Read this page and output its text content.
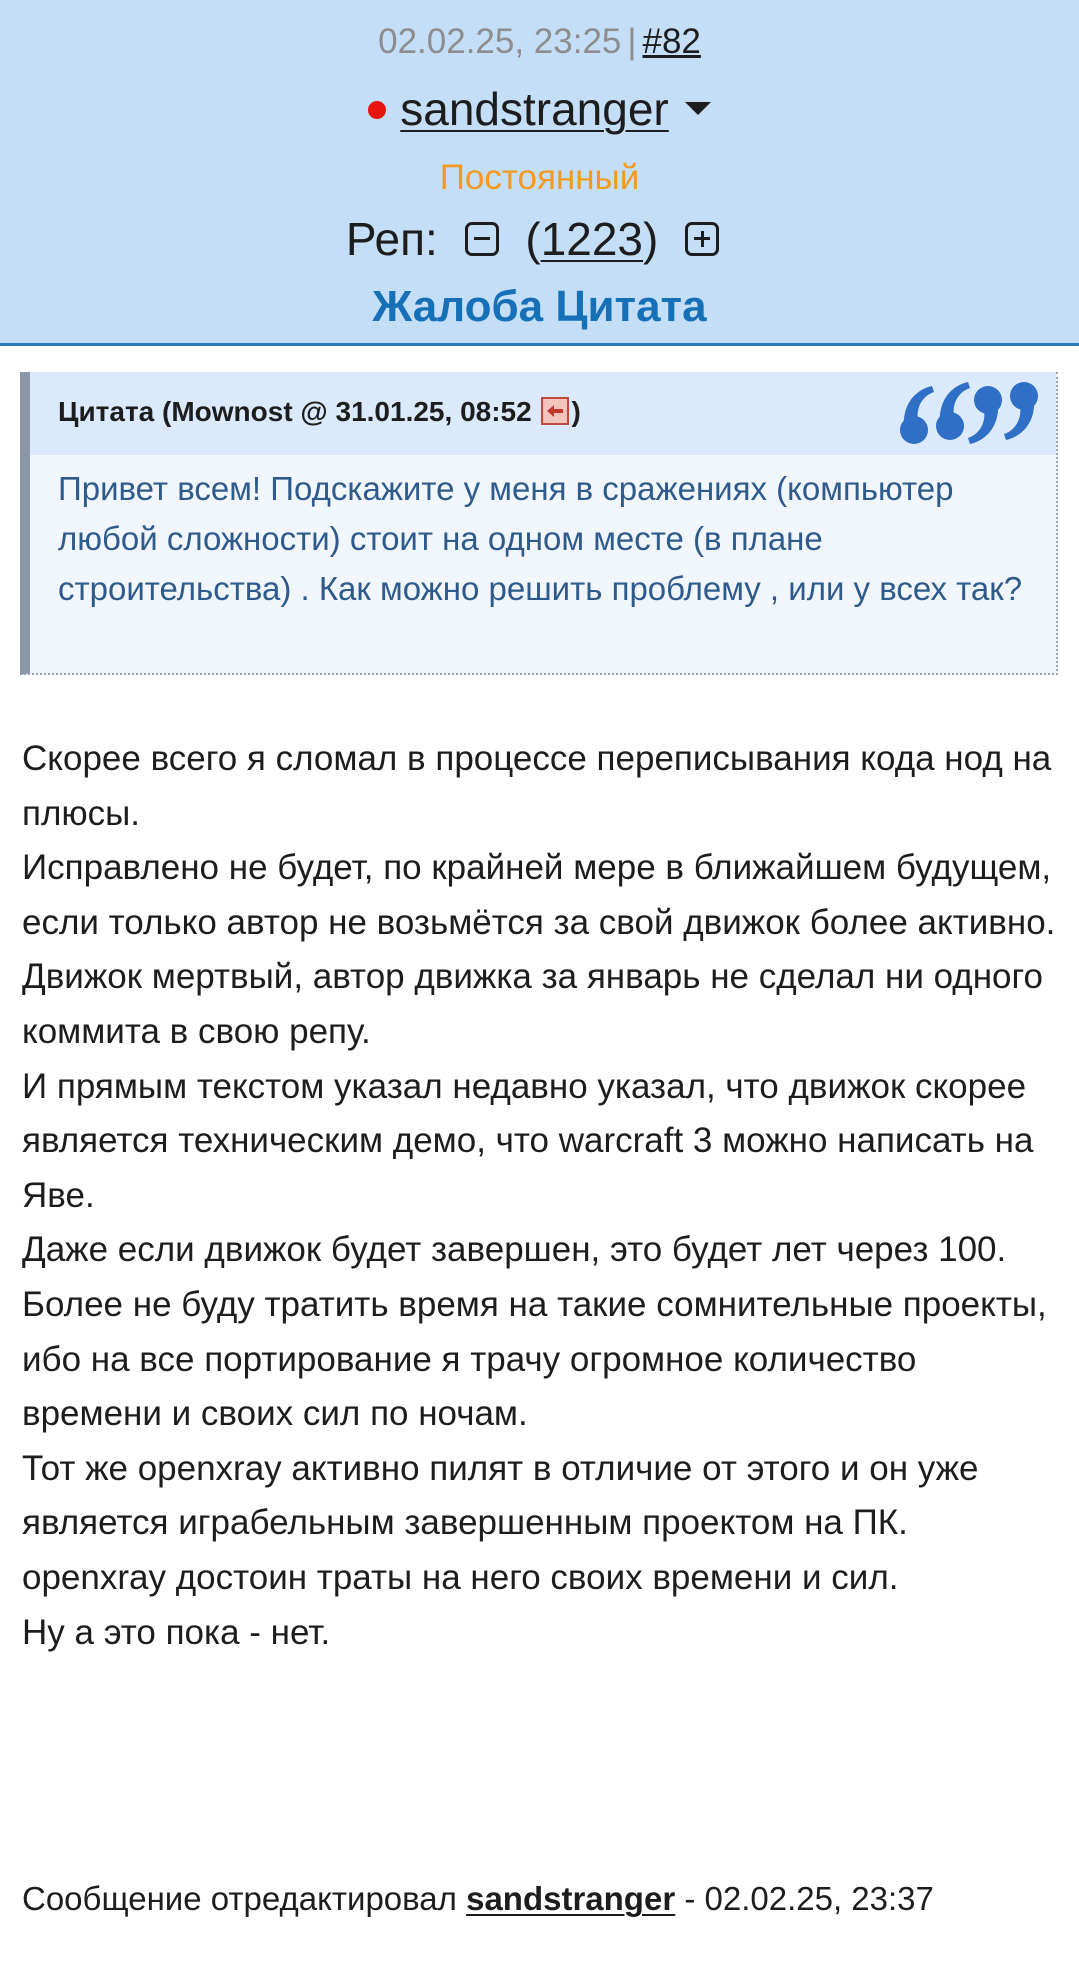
02.02.25, 23:25 | #82
sandstranger
Постоянный
Реп: (1223)
Жалоба Цитата
Цитата (Mownost @ 31.01.25, 08:52 )
Привет всем! Подскажите у меня в сражениях (компьютер любой сложности) стоит на одном месте (в плане строительства) . Как можно решить проблему , или у всех так?

Скорее всего я сломал в процессе переписывания кода нод на плюсы.

Исправлено не будет, по крайней мере в ближайшем будущем, если только автор не возьмётся за свой движок более активно.

Движок мертвый, автор движка за январь не сделал ни одного коммита в свою репу.

И прямым текстом указал недавно указал, что движок скорее является техническим демо, что warcraft 3 можно написать на Яве.

Даже если движок будет завершен, это будет лет через 100.

Более не буду тратить время на такие сомнительные проекты, ибо на все портирование я трачу огромное количество времени и своих сил по ночам.

Тот же openxray активно пилят в отличие от этого и он уже является играбельным завершенным проектом на ПК.

openxray достоин траты на него своих времени и сил.

Ну а это пока - нет.

Сообщение отредактировал sandstranger - 02.02.25, 23:37
